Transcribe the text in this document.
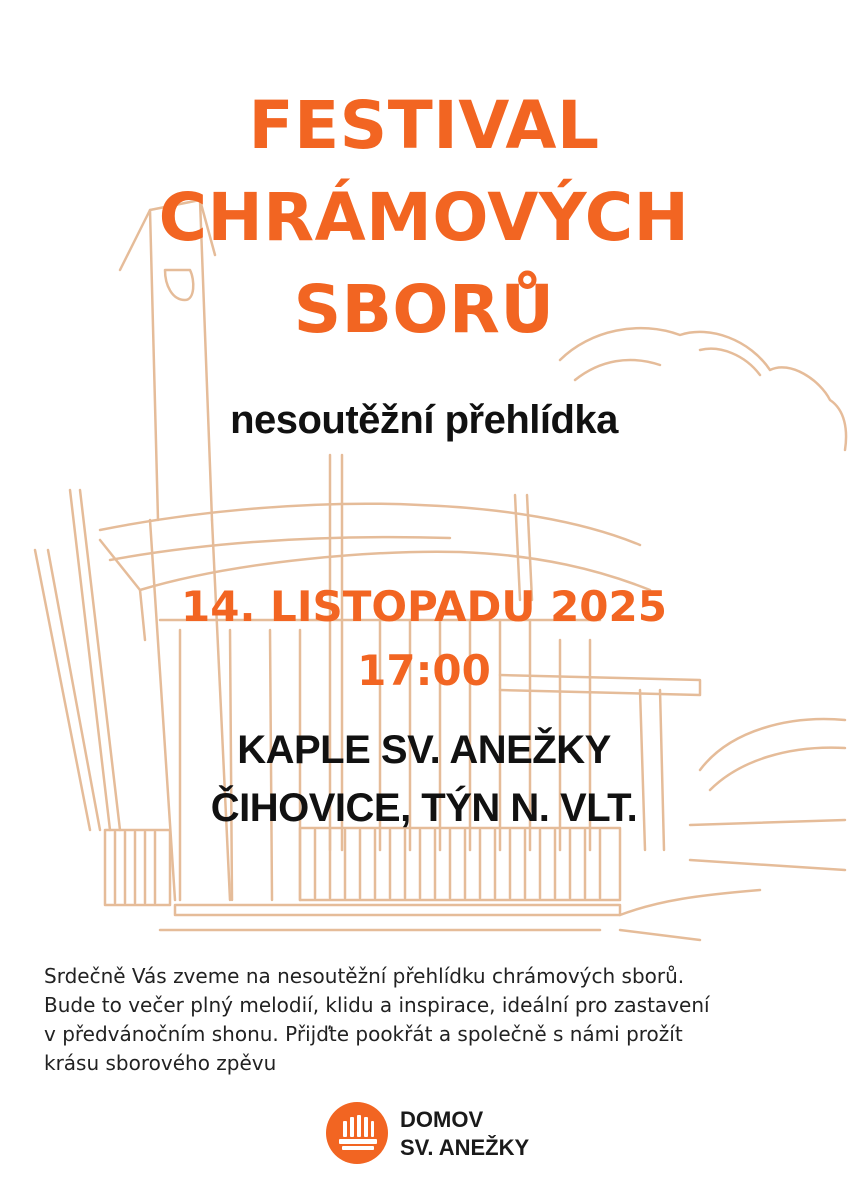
FESTIVAL
CHRÁMOVÝCH
SBORŮ
nesoutěžní přehlídka
14. LISTOPADU 2025
17:00
KAPLE SV. ANEŽKY
ČIHOVICE, TÝN N. VLT.
Srdečně Vás zveme na nesoutěžní přehlídku chrámových sborů.
Bude to večer plný melodií, klidu a inspirace, ideální pro zastavení
v předvánočním shonu. Přijďte pookřát a společně s námi prožít
krásu sborového zpěvu
DOMOV
SV. ANEŽKY
